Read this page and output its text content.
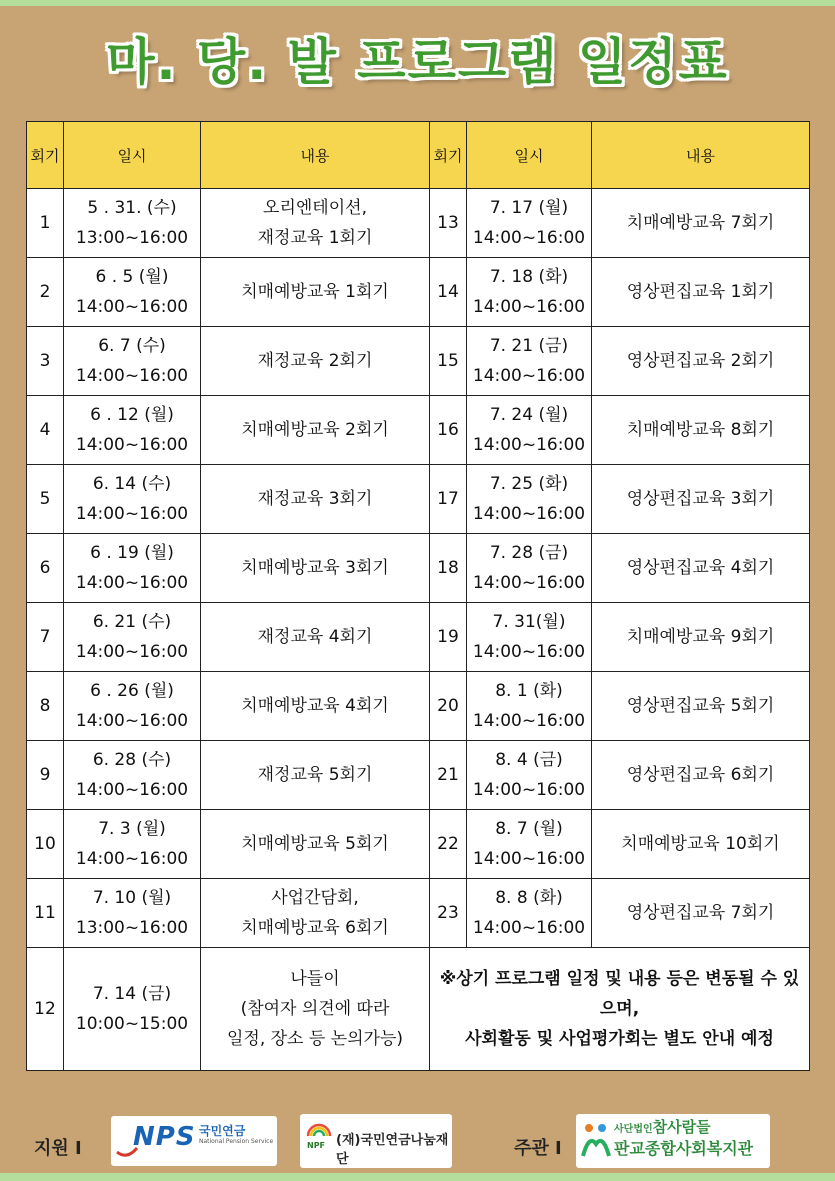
마. 당. 발 프로그램 일정표
회기	일시	내용	회기	일시	내용
1	5 . 31. (수)
13:00~16:00	오리엔테이션,
재정교육 1회기	13	7. 17 (월)
14:00~16:00	치매예방교육 7회기
2	6 . 5 (월)
14:00~16:00	치매예방교육 1회기	14	7. 18 (화)
14:00~16:00	영상편집교육 1회기
3	6. 7 (수)
14:00~16:00	재정교육 2회기	15	7. 21 (금)
14:00~16:00	영상편집교육 2회기
4	6 . 12 (월)
14:00~16:00	치매예방교육 2회기	16	7. 24 (월)
14:00~16:00	치매예방교육 8회기
5	6. 14 (수)
14:00~16:00	재정교육 3회기	17	7. 25 (화)
14:00~16:00	영상편집교육 3회기
6	6 . 19 (월)
14:00~16:00	치매예방교육 3회기	18	7. 28 (금)
14:00~16:00	영상편집교육 4회기
7	6. 21 (수)
14:00~16:00	재정교육 4회기	19	7. 31(월)
14:00~16:00	치매예방교육 9회기
8	6 . 26 (월)
14:00~16:00	치매예방교육 4회기	20	8. 1 (화)
14:00~16:00	영상편집교육 5회기
9	6. 28 (수)
14:00~16:00	재정교육 5회기	21	8. 4 (금)
14:00~16:00	영상편집교육 6회기
10	7. 3 (월)
14:00~16:00	치매예방교육 5회기	22	8. 7 (월)
14:00~16:00	치매예방교육 10회기
11	7. 10 (월)
13:00~16:00	사업간담회,
치매예방교육 6회기	23	8. 8 (화)
14:00~16:00	영상편집교육 7회기
12	7. 14 (금)
10:00~15:00	나들이
(참여자 의견에 따라
일정, 장소 등 논의가능)	※상기 프로그램 일정 및 내용 등은 변동될 수 있
으며,
사회활동 및 사업평가회는 별도 안내 예정		
지원 I NPS 국민연금
National Pension Service	NPF (재)국민연금나눔재단
주관 I
사단법인참사람들
판교종합사회복지관
